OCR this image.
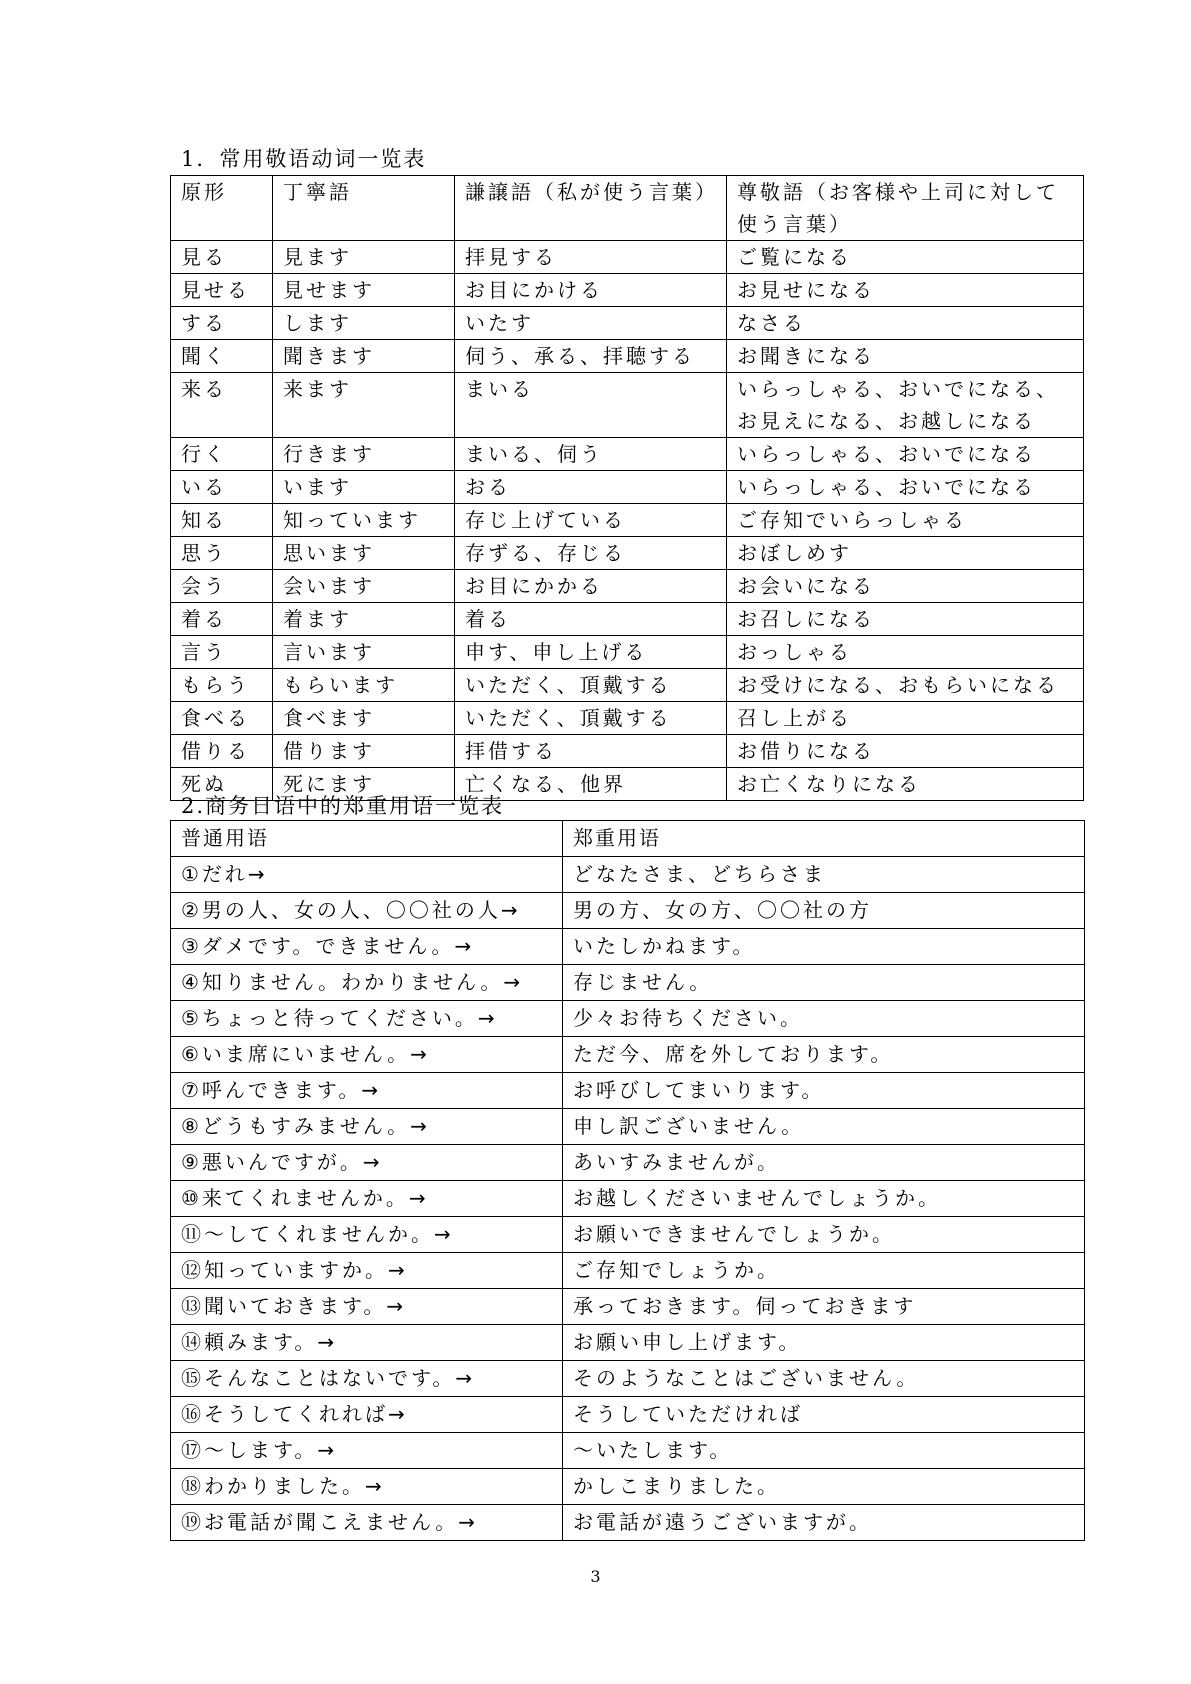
1．常用敬语动词一览表
原形	丁寧語	謙譲語（私が使う言葉）	尊敬語（お客様や上司に対して使う言葉）
見る	見ます	拝見する	ご覧になる
見せる	見せます	お目にかける	お見せになる
する	します	いたす	なさる
聞く	聞きます	伺う、承る、拝聴する	お聞きになる
来る	来ます	まいる	いらっしゃる、おいでになる、お見えになる、お越しになる
行く	行きます	まいる、伺う	いらっしゃる、おいでになる
いる	います	おる	いらっしゃる、おいでになる
知る	知っています	存じ上げている	ご存知でいらっしゃる
思う	思います	存ずる、存じる	おぼしめす
会う	会います	お目にかかる	お会いになる
着る	着ます	着る	お召しになる
言う	言います	申す、申し上げる	おっしゃる
もらう	もらいます	いただく、頂戴する	お受けになる、おもらいになる
食べる	食べます	いただく、頂戴する	召し上がる
借りる	借ります	拝借する	お借りになる
死ぬ	死にます	亡くなる、他界	お亡くなりになる
2.商务日语中的郑重用语一览表
普通用语	郑重用语
①だれ→	どなたさま、どちらさま
②男の人、女の人、〇〇社の人→	男の方、女の方、〇〇社の方
③ダメです。できません。→	いたしかねます。
④知りません。わかりません。→	存じません。
⑤ちょっと待ってください。→	少々お待ちください。
⑥いま席にいません。→	ただ今、席を外しております。
⑦呼んできます。→	お呼びしてまいります。
⑧どうもすみません。→	申し訳ございません。
⑨悪いんですが。→	あいすみませんが。
⑩来てくれませんか。→	お越しくださいませんでしょうか。
⑪～してくれませんか。→	お願いできませんでしょうか。
⑫知っていますか。→	ご存知でしょうか。
⑬聞いておきます。→	承っておきます。伺っておきます
⑭頼みます。→	お願い申し上げます。
⑮そんなことはないです。→	そのようなことはございません。
⑯そうしてくれれば→	そうしていただければ
⑰～します。→	～いたします。
⑱わかりました。→	かしこまりました。
⑲お電話が聞こえません。→	お電話が遠うございますが。
3
